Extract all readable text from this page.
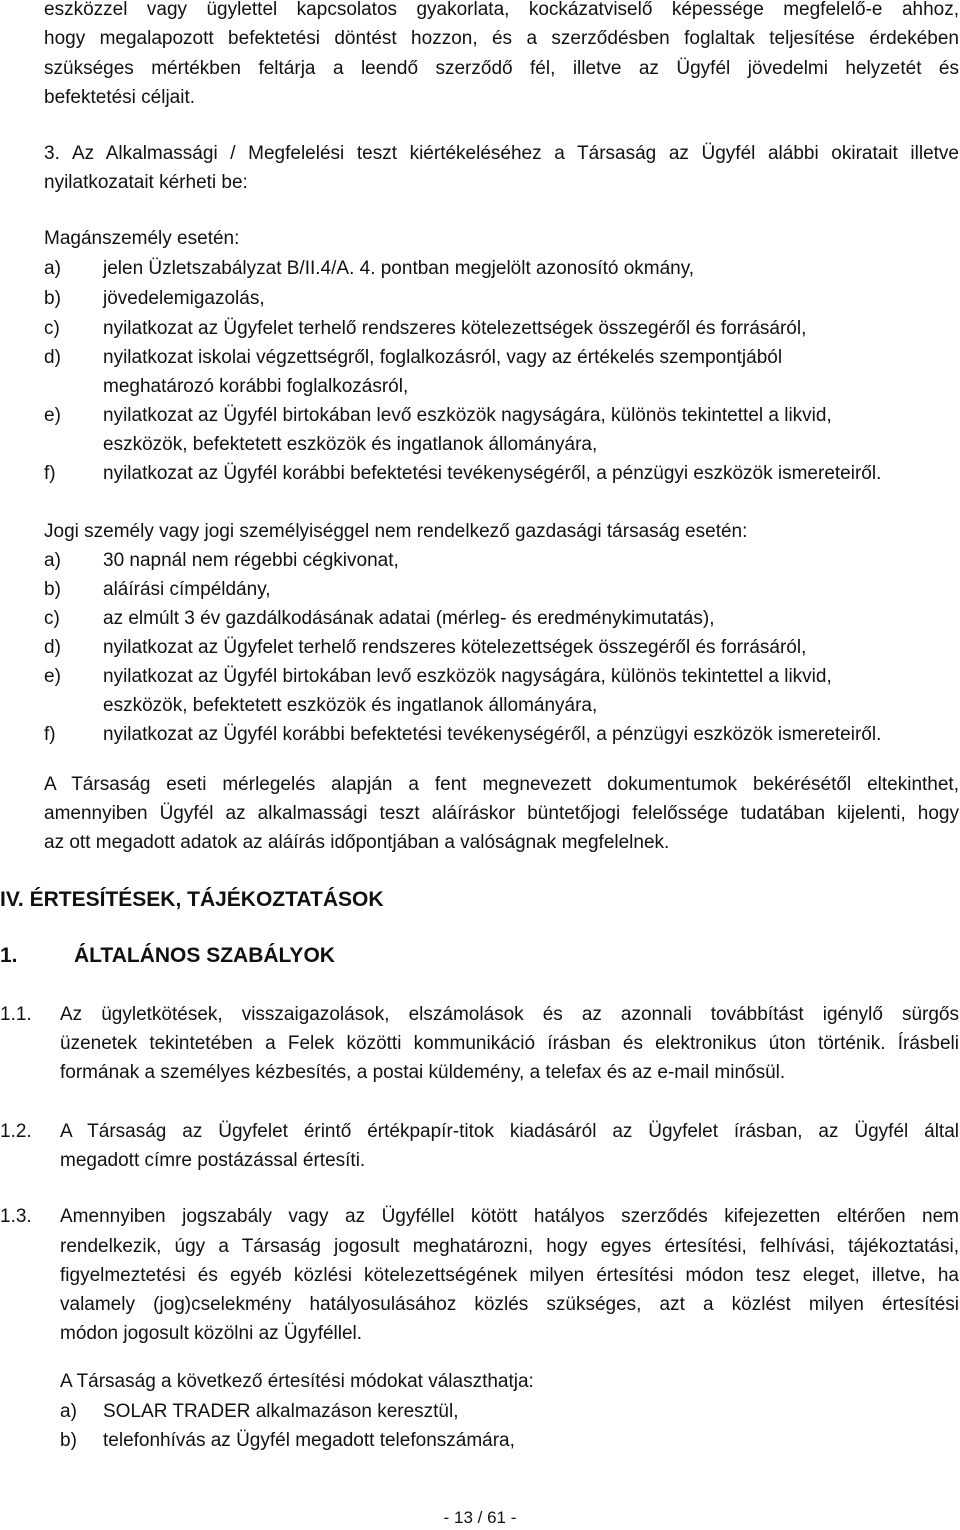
eszközzel vagy ügylettel kapcsolatos gyakorlata, kockázatviselő képessége megfelelő-e ahhoz,
hogy megalapozott befektetési döntést hozzon, és a szerződésben foglaltak teljesítése érdekében
szükséges mértékben feltárja a leendő szerződő fél, illetve az Ügyfél jövedelmi helyzetét és
befektetési céljait.
3. Az Alkalmassági / Megfelelési teszt kiértékeléséhez a Társaság az Ügyfél alábbi okiratait illetve
nyilatkozatait kérheti be:
Magánszemély esetén:
a) jelen Üzletszabályzat B/II.4/A. 4. pontban megjelölt azonosító okmány,
b) jövedelemigazolás,
c) nyilatkozat az Ügyfelet terhelő rendszeres kötelezettségek összegéről és forrásáról,
d) nyilatkozat iskolai végzettségről, foglalkozásról, vagy az értékelés szempontjából
meghatározó korábbi foglalkozásról,
e) nyilatkozat az Ügyfél birtokában levő eszközök nagyságára, különös tekintettel a likvid,
eszközök, befektetett eszközök és ingatlanok állományára,
f) nyilatkozat az Ügyfél korábbi befektetési tevékenységéről, a pénzügyi eszközök ismereteiről.
Jogi személy vagy jogi személyiséggel nem rendelkező gazdasági társaság esetén:
a) 30 napnál nem régebbi cégkivonat,
b) aláírási címpéldány,
c) az elmúlt 3 év gazdálkodásának adatai (mérleg- és eredménykimutatás),
d) nyilatkozat az Ügyfelet terhelő rendszeres kötelezettségek összegéről és forrásáról,
e) nyilatkozat az Ügyfél birtokában levő eszközök nagyságára, különös tekintettel a likvid,
eszközök, befektetett eszközök és ingatlanok állományára,
f) nyilatkozat az Ügyfél korábbi befektetési tevékenységéről, a pénzügyi eszközök ismereteiről.
A Társaság eseti mérlegelés alapján a fent megnevezett dokumentumok bekérésétől eltekinthet,
amennyiben Ügyfél az alkalmassági teszt aláíráskor büntetőjogi felelőssége tudatában kijelenti, hogy
az ott megadott adatok az aláírás időpontjában a valóságnak megfelelnek.
IV. ÉRTESÍTÉSEK, TÁJÉKOZTATÁSOK
1.	ÁLTALÁNOS SZABÁLYOK
1.1. Az ügyletkötések, visszaigazolások, elszámolások és az azonnali továbbítást igénylő sürgős
üzenetek tekintetében a Felek közötti kommunikáció írásban és elektronikus úton történik. Írásbeli
formának a személyes kézbesítés, a postai küldemény, a telefax és az e-mail minősül.
1.2. A Társaság az Ügyfelet érintő értékpapír-titok kiadásáról az Ügyfelet írásban, az Ügyfél által
megadott címre postázással értesíti.
1.3. Amennyiben jogszabály vagy az Ügyféllel kötött hatályos szerződés kifejezetten eltérően nem
rendelkezik, úgy a Társaság jogosult meghatározni, hogy egyes értesítési, felhívási, tájékoztatási,
figyelmeztetési és egyéb közlési kötelezettségének milyen értesítési módon tesz eleget, illetve, ha
valamely (jog)cselekmény hatályosulásához közlés szükséges, azt a közlést milyen értesítési
módon jogosult közölni az Ügyféllel.
A Társaság a következő értesítési módokat választhatja:
a) SOLAR TRADER alkalmazáson keresztül,
b) telefonhívás az Ügyfél megadott telefonszámára,
- 13 / 61 -
